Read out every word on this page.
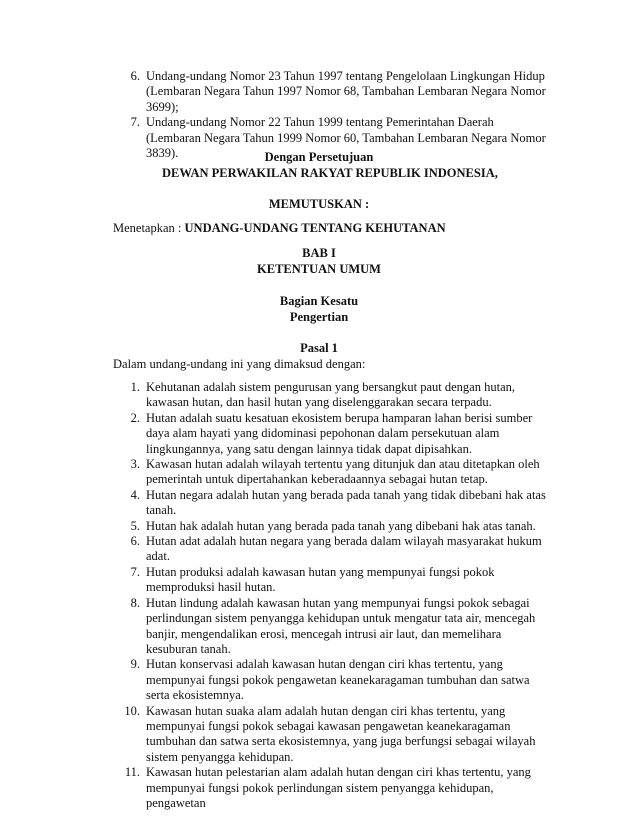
6. Undang-undang Nomor 23 Tahun 1997 tentang Pengelolaan Lingkungan Hidup (Lembaran Negara Tahun 1997 Nomor 68, Tambahan Lembaran Negara Nomor 3699);
7. Undang-undang Nomor 22 Tahun 1999 tentang Pemerintahan Daerah (Lembaran Negara Tahun 1999 Nomor 60, Tambahan Lembaran Negara Nomor 3839).	Dengan Persetujuan
DEWAN PERWAKILAN RAKYAT REPUBLIK INDONESIA,
MEMUTUSKAN :
Menetapkan : UNDANG-UNDANG TENTANG KEHUTANAN
BAB I
KETENTUAN UMUM
Bagian Kesatu
Pengertian
Pasal 1
Dalam undang-undang ini yang dimaksud dengan:
1. Kehutanan adalah sistem pengurusan yang bersangkut paut dengan hutan, kawasan hutan, dan hasil hutan yang diselenggarakan secara terpadu.
2. Hutan adalah suatu kesatuan ekosistem berupa hamparan lahan berisi sumber daya alam hayati yang didominasi pepohonan dalam persekutuan alam lingkungannya, yang satu dengan lainnya tidak dapat dipisahkan.
3. Kawasan hutan adalah wilayah tertentu yang ditunjuk dan atau ditetapkan oleh pemerintah untuk dipertahankan keberadaannya sebagai hutan tetap.
4. Hutan negara adalah hutan yang berada pada tanah yang tidak dibebani hak atas tanah.
5. Hutan hak adalah hutan yang berada pada tanah yang dibebani hak atas tanah.
6. Hutan adat adalah hutan negara yang berada dalam wilayah masyarakat hukum adat.
7. Hutan produksi adalah kawasan hutan yang mempunyai fungsi pokok memproduksi hasil hutan.
8. Hutan lindung adalah kawasan hutan yang mempunyai fungsi pokok sebagai perlindungan sistem penyangga kehidupan untuk mengatur tata air, mencegah banjir, mengendalikan erosi, mencegah intrusi air laut, dan memelihara kesuburan tanah.
9. Hutan konservasi adalah kawasan hutan dengan ciri khas tertentu, yang mempunyai fungsi pokok pengawetan keanekaragaman tumbuhan dan satwa serta ekosistemnya.
10. Kawasan hutan suaka alam adalah hutan dengan ciri khas tertentu, yang mempunyai fungsi pokok sebagai kawasan pengawetan keanekaragaman tumbuhan dan satwa serta ekosistemnya, yang juga berfungsi sebagai wilayah sistem penyangga kehidupan.
11. Kawasan hutan pelestarian alam adalah hutan dengan ciri khas tertentu, yang mempunyai fungsi pokok perlindungan sistem penyangga kehidupan, pengawetan
